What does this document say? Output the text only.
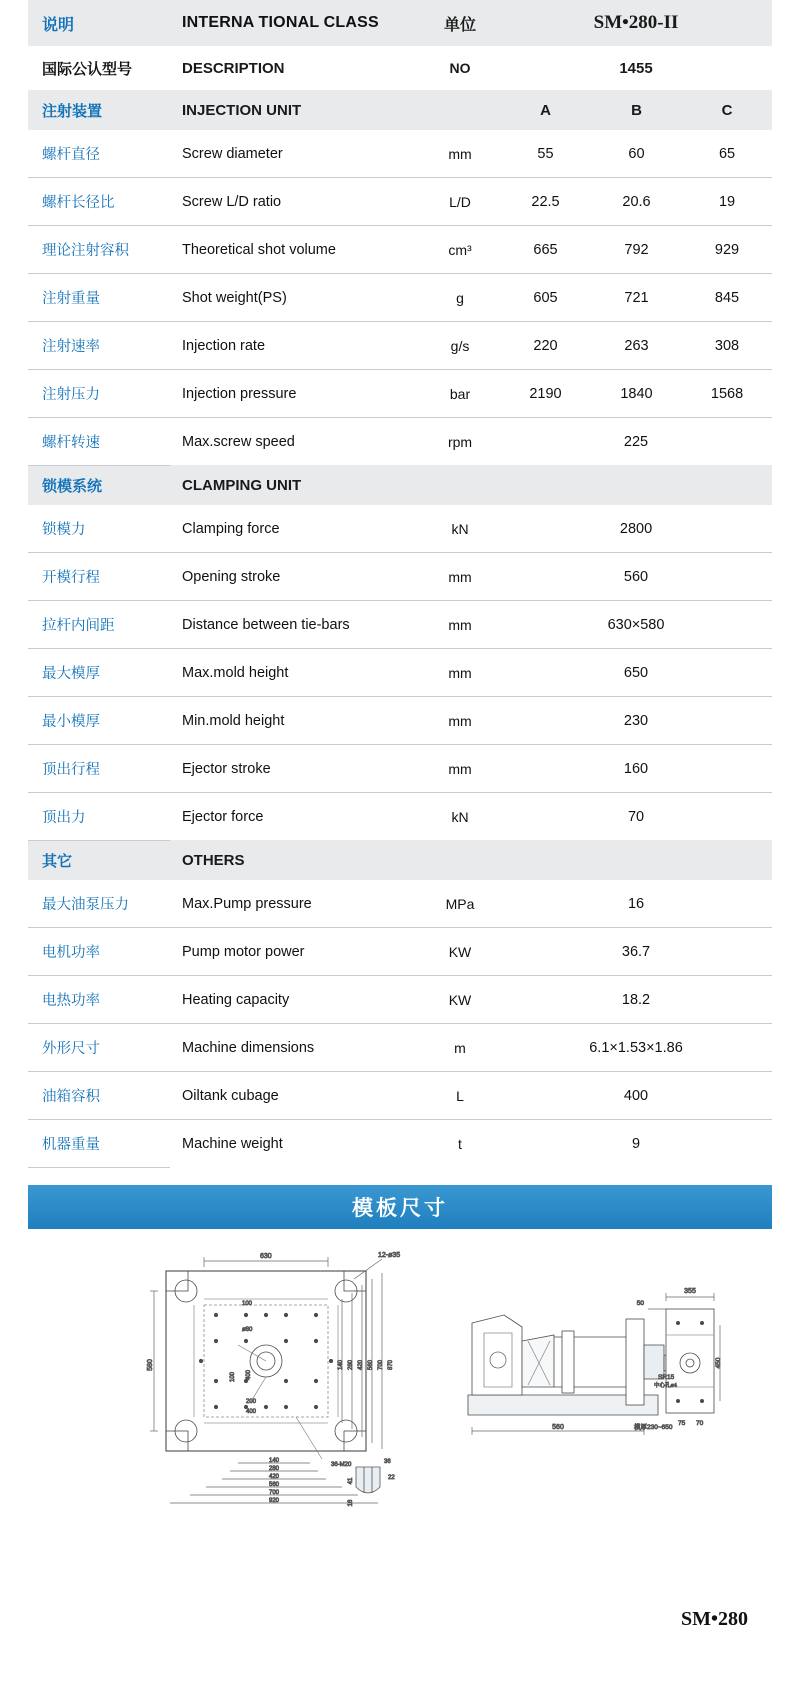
说明	INTERNA TIONAL CLASS	单位	SM•280-II		
国际公认型号	DESCRIPTION	NO	1455		
注射装置	INJECTION UNIT		A	B	C
螺杆直径	Screw diameter	mm	55	60	65
螺杆长径比	Screw L/D ratio	L/D	22.5	20.6	19
理论注射容积	Theoretical shot volume	cm³	665	792	929
注射重量	Shot weight(PS)	g	605	721	845
注射速率	Injection rate	g/s	220	263	308
注射压力	Injection pressure	bar	2190	1840	1568
螺杆转速	Max.screw speed	rpm	225		
锁模系统	CLAMPING UNIT				
锁模力	Clamping force	kN	2800		
开模行程	Opening stroke	mm	560		
拉杆内间距	Distance between tie-bars	mm	630×580		
最大模厚	Max.mold height	mm	650		
最小模厚	Min.mold height	mm	230		
顶出行程	Ejector stroke	mm	160		
顶出力	Ejector force	kN	70		
其它	OTHERS				
最大油泵压力	Max.Pump pressure	MPa	16		
电机功率	Pump motor power	KW	36.7		
电热功率	Heating capacity	KW	18.2		
外形尺寸	Machine dimensions	m	6.1×1.53×1.86		
油箱容积	Oiltank cubage	L	400		
机器重量	Machine weight	t	9		
模板尺寸
630	12-ø35
580
100
ø80
400
100
200
400
140 280 420 560 700 870
140
280
420
560
700
920
36-M20	36
22
41
16
355
50
450
SR15
中心孔ø4
75 70
560	模厚230~650
SM•280
